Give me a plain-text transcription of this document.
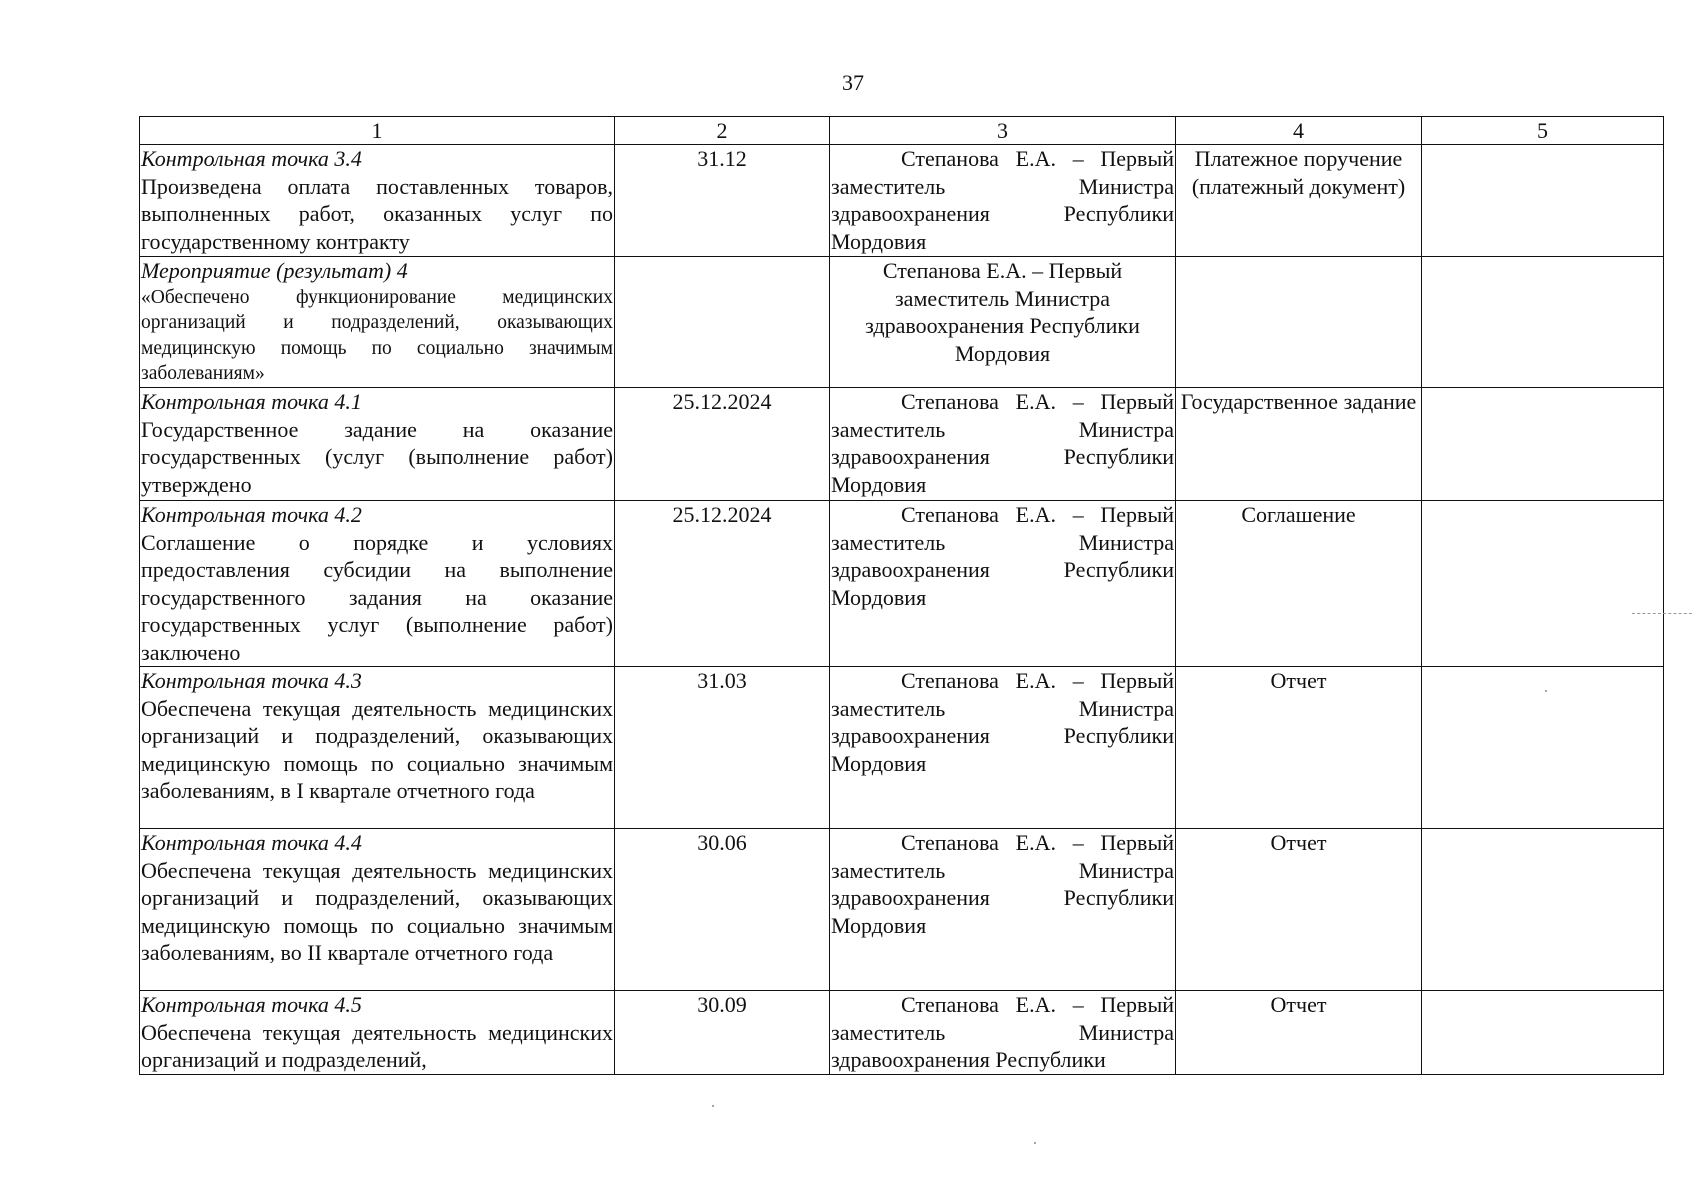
37
1	2	3	4	5

Контрольная точка 3.4
Произведена оплата поставленных товаров, выполненных работ, оказанных услуг по государственному контракту	31.12	Степанова Е.А. – Первый заместитель Министра здравоохранения Республики Мордовия	Платежное поручение (платежный документ)	

Мероприятие (результат) 4
«Обеспечено функционирование медицинских организаций и подразделений, оказывающих медицинскую помощь по социально значимым заболеваниям»		Степанова Е.А. – Первый заместитель Министра здравоохранения Республики Мордовия		

Контрольная точка 4.1
Государственное задание на оказание государственных (услуг (выполнение работ) утверждено	25.12.2024	Степанова Е.А. – Первый заместитель Министра здравоохранения Республики Мордовия	Государственное задание	

Контрольная точка 4.2
Соглашение о порядке и условиях предоставления субсидии на выполнение государственного задания на оказание государственных услуг (выполнение работ) заключено	25.12.2024	Степанова Е.А. – Первый заместитель Министра здравоохранения Республики Мордовия	Соглашение	

Контрольная точка 4.3
Обеспечена текущая деятельность медицинских организаций и подразделений, оказывающих медицинскую помощь по социально значимым заболеваниям, в I квартале отчетного года	31.03	Степанова Е.А. – Первый заместитель Министра здравоохранения Республики Мордовия	Отчет	

Контрольная точка 4.4
Обеспечена текущая деятельность медицинских организаций и подразделений, оказывающих медицинскую помощь по социально значимым заболеваниям, во II квартале отчетного года	30.06	Степанова Е.А. – Первый заместитель Министра здравоохранения Республики Мордовия	Отчет	

Контрольная точка 4.5
Обеспечена текущая деятельность медицинских организаций и подразделений,	30.09	Степанова Е.А. – Первый заместитель Министра здравоохранения Республики	Отчет	
